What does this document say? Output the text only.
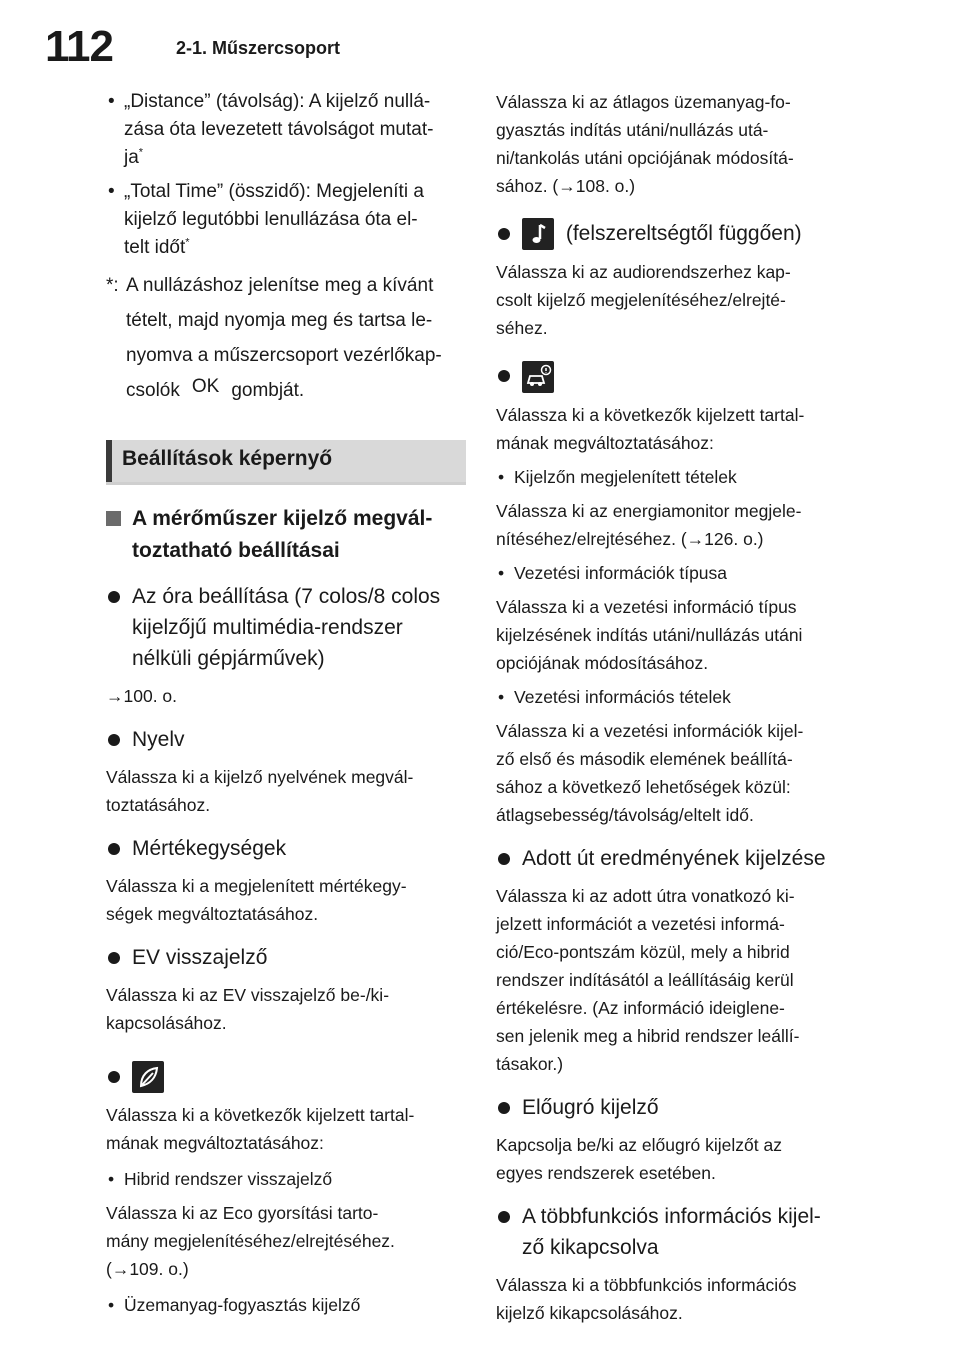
112	2-1. Műszercsoport
• „Distance” (távolság): A kijelző nullá-
zása óta levezetett távolságot mutat-
ja*
• „Total Time” (összidő): Megjeleníti a
kijelző legutóbbi lenullázása óta el-
telt időt*
*: A nullázáshoz jelenítse meg a kívánt
tételt, majd nyomja meg és tartsa le-
nyomva a műszercsoport vezérlőkap-
csolók OK gombját.
Beállítások képernyő
A mérőműszer kijelző megvál-
toztatható beállításai
Az óra beállítása (7 colos/8 colos
kijelzőjű multimédia-rendszer
nélküli gépjárművek)
→100. o.
Nyelv
Válassza ki a kijelző nyelvének megvál-
toztatásához.
Mértékegységek
Válassza ki a megjelenített mértékegy-
ségek megváltoztatásához.
EV visszajelző
Válassza ki az EV visszajelző be-/ki-
kapcsolásához.
Válassza ki a következők kijelzett tartal-
mának megváltoztatásához:
• Hibrid rendszer visszajelző
Válassza ki az Eco gyorsítási tarto-
mány megjelenítéséhez/elrejtéséhez.
(→109. o.)
• Üzemanyag-fogyasztás kijelző
Válassza ki az átlagos üzemanyag-fo-
gyasztás indítás utáni/nullázás utá-
ni/tankolás utáni opciójának módosítá-
sához. (→108. o.)
(felszereltségtől függően)
Válassza ki az audiorendszerhez kap-
csolt kijelző megjelenítéséhez/elrejté-
séhez.
Válassza ki a következők kijelzett tartal-
mának megváltoztatásához:
• Kijelzőn megjelenített tételek
Válassza ki az energiamonitor megjele-
nítéséhez/elrejtéséhez. (→126. o.)
• Vezetési információk típusa
Válassza ki a vezetési információ típus
kijelzésének indítás utáni/nullázás utáni
opciójának módosításához.
• Vezetési információs tételek
Válassza ki a vezetési információk kijel-
ző első és második elemének beállítá-
sához a következő lehetőségek közül:
átlagsebesség/távolság/eltelt idő.
Adott út eredményének kijelzése
Válassza ki az adott útra vonatkozó ki-
jelzett információt a vezetési informá-
ció/Eco-pontszám közül, mely a hibrid
rendszer indításától a leállításáig kerül
értékelésre. (Az információ ideiglene-
sen jelenik meg a hibrid rendszer leállí-
tásakor.)
Előugró kijelző
Kapcsolja be/ki az előugró kijelzőt az
egyes rendszerek esetében.
A többfunkciós információs kijel-
ző kikapcsolva
Válassza ki a többfunkciós információs
kijelző kikapcsolásához.
